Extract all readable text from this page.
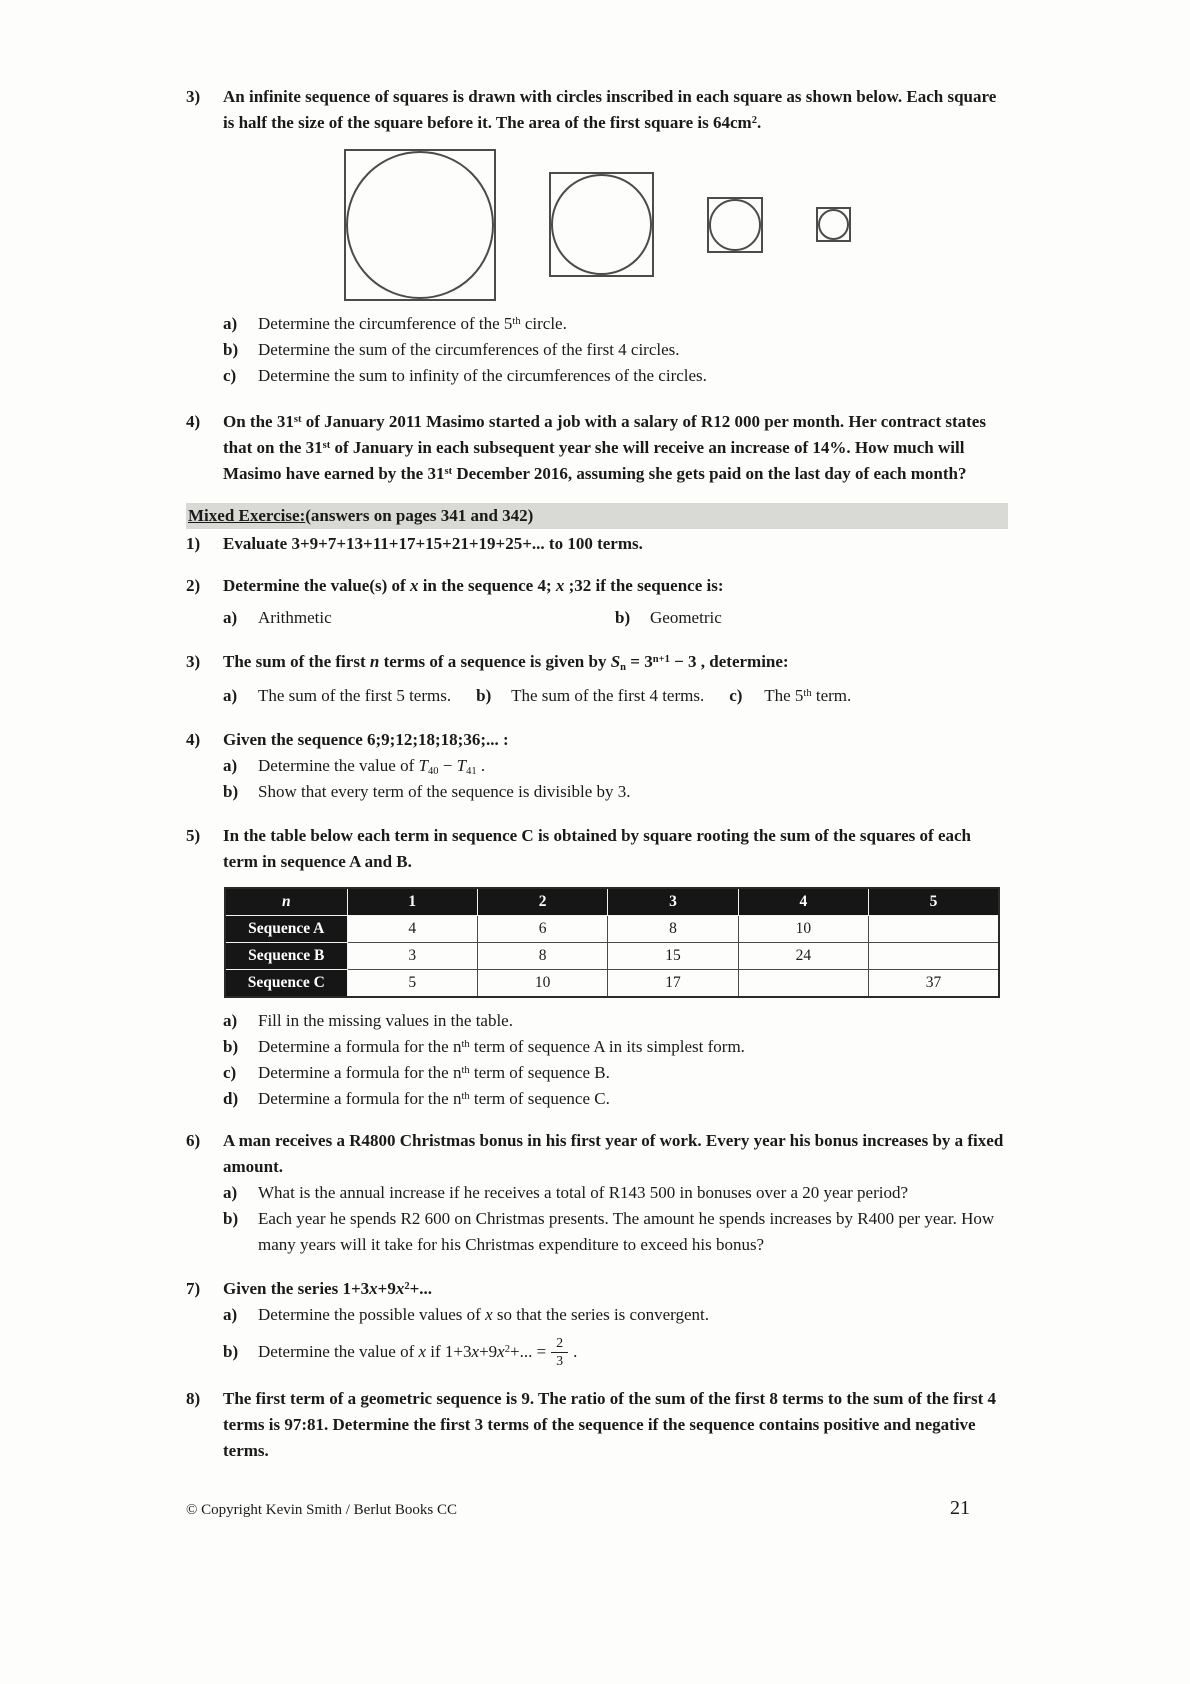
3)	An infinite sequence of squares is drawn with circles inscribed in each square as shown below. Each square is half the size of the square before it. The area of the first square is $64cm^2$.
a)	Determine the circumference of the 5th circle.
b)	Determine the sum of the circumferences of the first 4 circles.
c)	Determine the sum to infinity of the circumferences of the circles.
4)	On the 31st of January 2011 Masimo started a job with a salary of R12 000 per month. Her contract states that on the 31st of January in each subsequent year she will receive an increase of 14%. How much will Masimo have earned by the 31st December 2016, assuming she gets paid on the last day of each month?
Mixed Exercise: (answers on pages 341 and 342)
1)	Evaluate 3+9+7+13+11+17+15+21+19+25+... to 100 terms.
2)	Determine the value(s) of x in the sequence 4; x ;32 if the sequence is:
a)	Arithmetic	b)	Geometric
3)	The sum of the first n terms of a sequence is given by $S_n = 3^{n+1} - 3$ , determine:
a)	The sum of the first 5 terms. b)	The sum of the first 4 terms. c)	The 5th term.
4)	Given the sequence 6;9;12;18;18;36;... :
a)	Determine the value of $T_{40} - T_{41}$ .
b)	Show that every term of the sequence is divisible by 3.
5)	In the table below each term in sequence C is obtained by square rooting the sum of the squares of each term in sequence A and B.
n	1	2	3	4	5
Sequence A	4	6	8	10	
Sequence B	3	8	15	24	
Sequence C	5	10	17		37
a)	Fill in the missing values in the table.
b)	Determine a formula for the $n^{th}$ term of sequence A in its simplest form.
c)	Determine a formula for the $n^{th}$ term of sequence B.
d)	Determine a formula for the $n^{th}$ term of sequence C.
6)	A man receives a R4800 Christmas bonus in his first year of work. Every year his bonus increases by a fixed amount.
a)	What is the annual increase if he receives a total of R143 500 in bonuses over a 20 year period?
b)	Each year he spends R2 600 on Christmas presents. The amount he spends increases by R400 per year. How many years will it take for his Christmas expenditure to exceed his bonus?
7)	Given the series $1+3x+9x^2+$...
a)	Determine the possible values of x so that the series is convergent.
b)	Determine the value of x if $1+3x+9x^2+$... = $\frac{2}{3}$ .
8)	The first term of a geometric sequence is 9. The ratio of the sum of the first 8 terms to the sum of the first 4 terms is 97:81. Determine the first 3 terms of the sequence if the sequence contains positive and negative terms.
© Copyright Kevin Smith / Berlut Books CC	21
